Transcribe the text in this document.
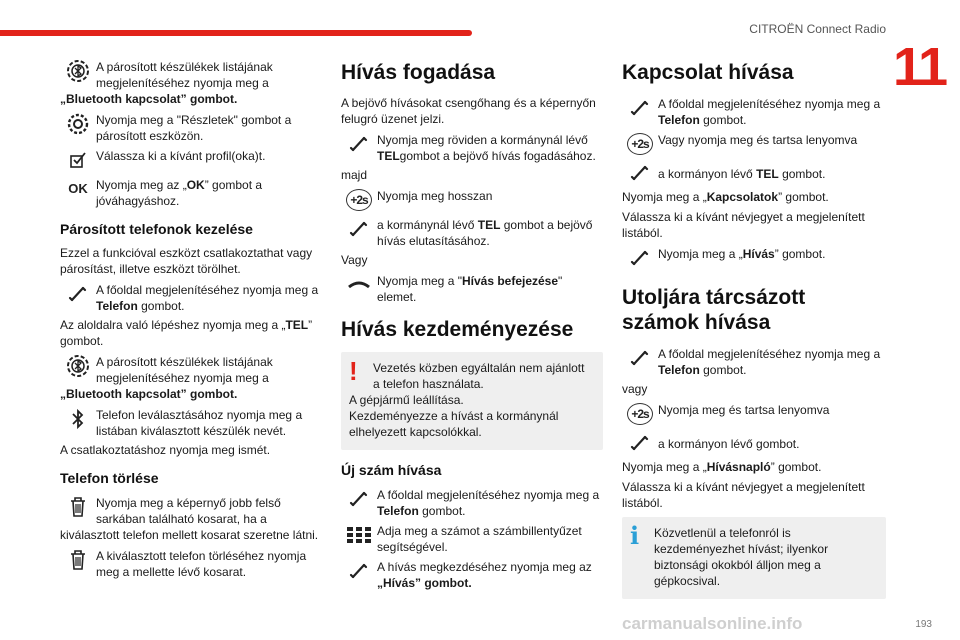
CITROËN Connect Radio
11
A párosított készülékek listájának megjelenítéséhez nyomja meg a
„Bluetooth kapcsolat” gombot.
Nyomja meg a "Részletek" gombot a párosított eszközön.
Válassza ki a kívánt profil(oka)t.
OK Nyomja meg az „OK” gombot a jóváhagyáshoz.
Párosított telefonok kezelése
Ezzel a funkcióval eszközt csatlakoztathat vagy párosítást, illetve eszközt törölhet.
A főoldal megjelenítéséhez nyomja meg a Telefon gombot.
Az aloldalra való lépéshez nyomja meg a „TEL” gombot.
A párosított készülékek listájának megjelenítéséhez nyomja meg a
„Bluetooth kapcsolat” gombot.
Telefon leválasztásához nyomja meg a listában kiválasztott készülék nevét.
A csatlakoztatáshoz nyomja meg ismét.
Telefon törlése
Nyomja meg a képernyő jobb felső sarkában található kosarat, ha a
kiválasztott telefon mellett kosarat szeretne látni.
A kiválasztott telefon törléséhez nyomja meg a mellette lévő kosarat.
Hívás fogadása
A bejövő hívásokat csengőhang és a képernyőn felugró üzenet jelzi.
Nyomja meg röviden a kormánynál lévő TELgombot a bejövő hívás fogadásához.
majd
+2s Nyomja meg hosszan
a kormánynál lévő TEL gombot a bejövő hívás elutasításához.
Vagy
Nyomja meg a "Hívás befejezése" elemet.
Hívás kezdeményezése
!	Vezetés közben egyáltalán nem ajánlott a telefon használata.
A gépjármű leállítása.
Kezdeményezze a hívást a kormánynál elhelyezett kapcsolókkal.
Új szám hívása
A főoldal megjelenítéséhez nyomja meg a Telefon gombot.
Adja meg a számot a számbillentyűzet segítségével.
A hívás megkezdéséhez nyomja meg az
„Hívás” gombot.
Kapcsolat hívása
A főoldal megjelenítéséhez nyomja meg a Telefon gombot.
+2s Vagy nyomja meg és tartsa lenyomva
a kormányon lévő TEL gombot.
Nyomja meg a „Kapcsolatok” gombot.
Válassza ki a kívánt névjegyet a megjelenített listából.
Nyomja meg a „Hívás” gombot.
Utoljára tárcsázott számok hívása
A főoldal megjelenítéséhez nyomja meg a Telefon gombot.
vagy
+2s Nyomja meg és tartsa lenyomva
a kormányon lévő gombot.
Nyomja meg a „Hívásnapló” gombot.
Válassza ki a kívánt névjegyet a megjelenített listából.
i	Közvetlenül a telefonról is kezdeményezhet hívást; ilyenkor biztonsági okokból álljon meg a gépkocsival.
carmanualsonline.info	193
